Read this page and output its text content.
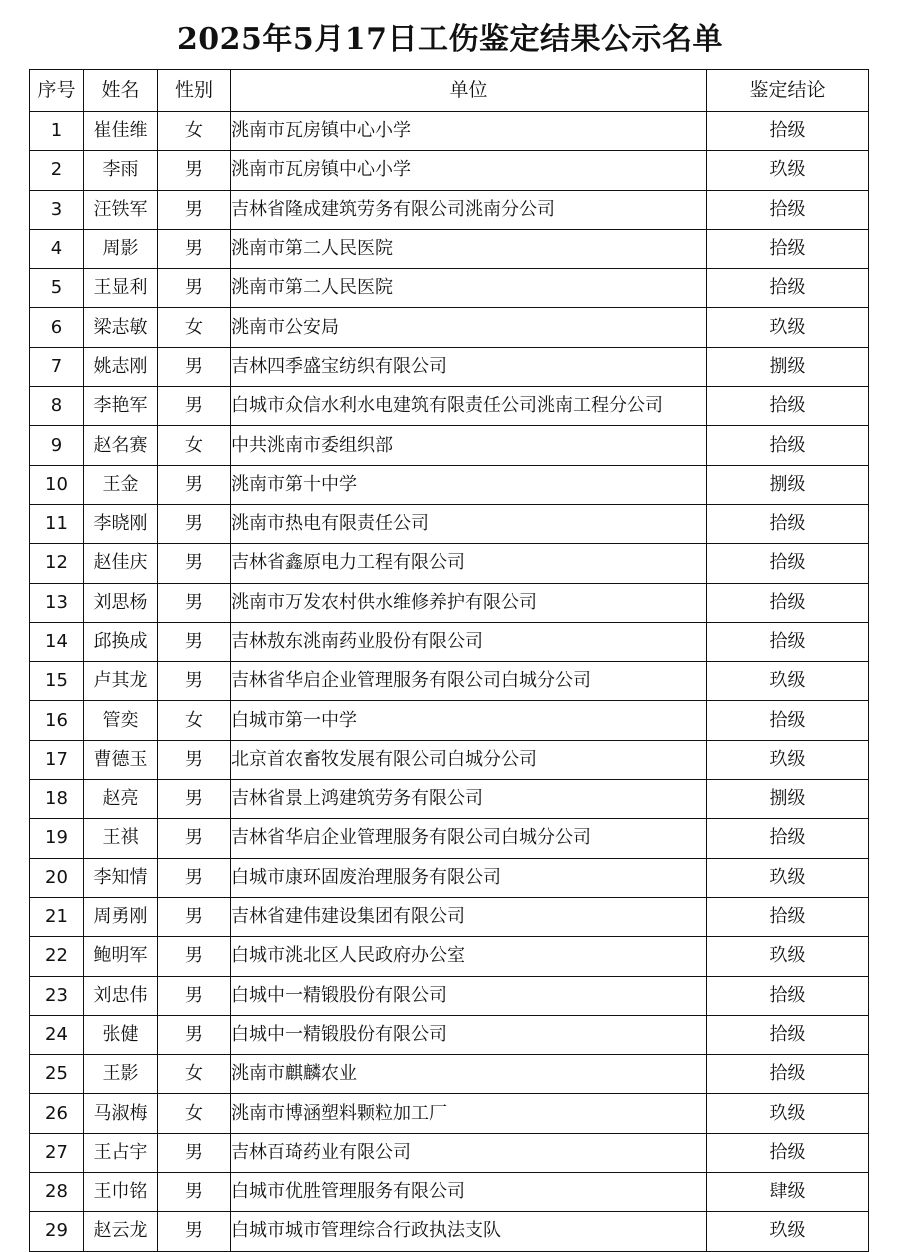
2025年5月17日工伤鉴定结果公示名单
序号	姓名	性别	单位	鉴定结论
1	崔佳维	女	洮南市瓦房镇中心小学	拾级
2	李雨	男	洮南市瓦房镇中心小学	玖级
3	汪铁军	男	吉林省隆成建筑劳务有限公司洮南分公司	拾级
4	周影	男	洮南市第二人民医院	拾级
5	王显利	男	洮南市第二人民医院	拾级
6	梁志敏	女	洮南市公安局	玖级
7	姚志刚	男	吉林四季盛宝纺织有限公司	捌级
8	李艳军	男	白城市众信水利水电建筑有限责任公司洮南工程分公司	拾级
9	赵名赛	女	中共洮南市委组织部	拾级
10	王金	男	洮南市第十中学	捌级
11	李晓刚	男	洮南市热电有限责任公司	拾级
12	赵佳庆	男	吉林省鑫原电力工程有限公司	拾级
13	刘思杨	男	洮南市万发农村供水维修养护有限公司	拾级
14	邱换成	男	吉林敖东洮南药业股份有限公司	拾级
15	卢其龙	男	吉林省华启企业管理服务有限公司白城分公司	玖级
16	管奕	女	白城市第一中学	拾级
17	曹德玉	男	北京首农畜牧发展有限公司白城分公司	玖级
18	赵亮	男	吉林省景上鸿建筑劳务有限公司	捌级
19	王祺	男	吉林省华启企业管理服务有限公司白城分公司	拾级
20	李知情	男	白城市康环固废治理服务有限公司	玖级
21	周勇刚	男	吉林省建伟建设集团有限公司	拾级
22	鲍明军	男	白城市洮北区人民政府办公室	玖级
23	刘忠伟	男	白城中一精锻股份有限公司	拾级
24	张健	男	白城中一精锻股份有限公司	拾级
25	王影	女	洮南市麒麟农业	拾级
26	马淑梅	女	洮南市博涵塑料颗粒加工厂	玖级
27	王占宇	男	吉林百琦药业有限公司	拾级
28	王巾铭	男	白城市优胜管理服务有限公司	肆级
29	赵云龙	男	白城市城市管理综合行政执法支队	玖级
